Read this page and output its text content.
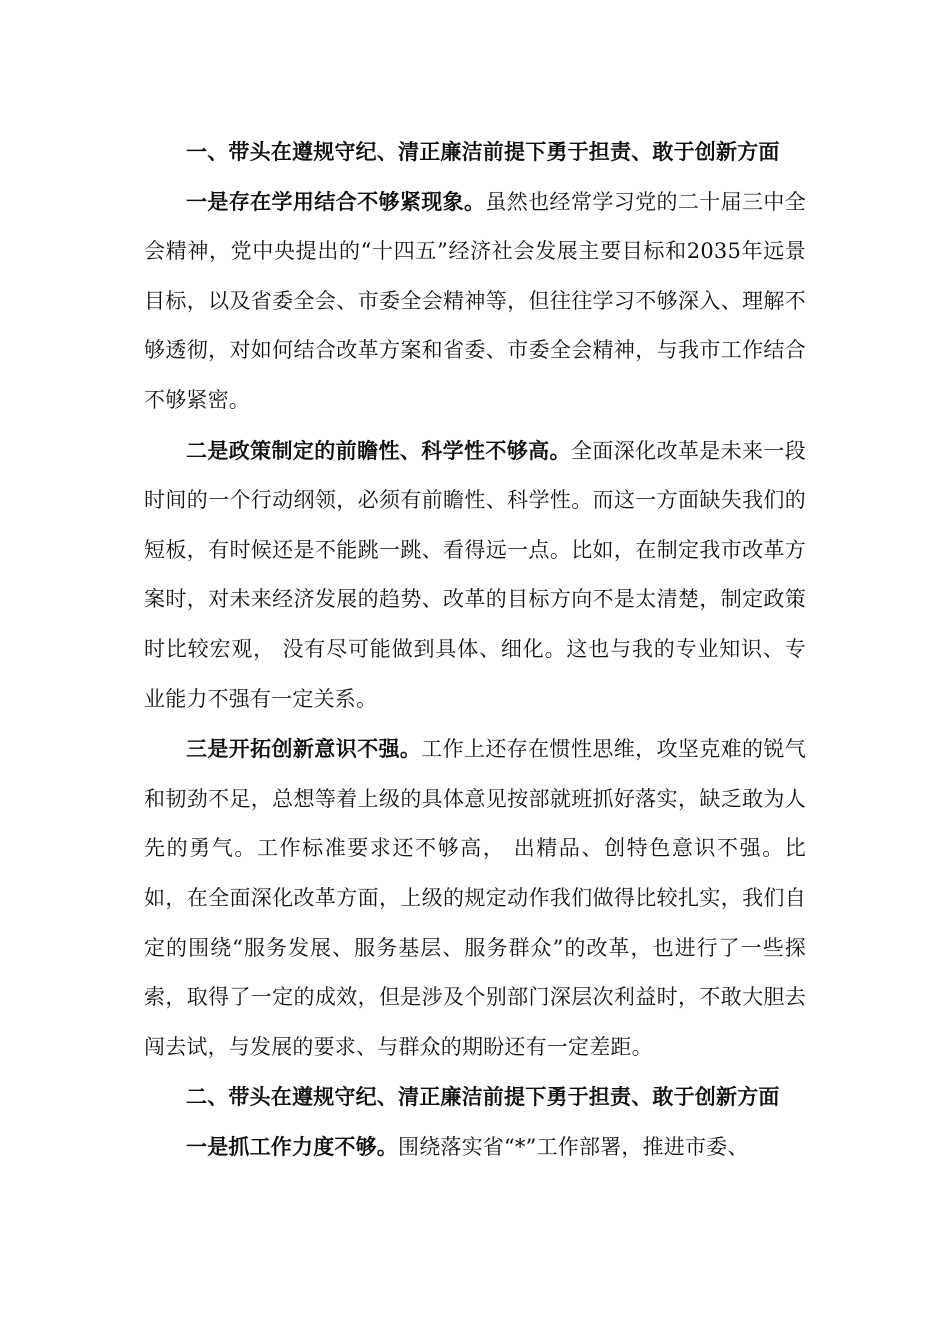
一、带头在遵规守纪、清正廉洁前提下勇于担责、敢于创新方面

一是存在学用结合不够紧现象。虽然也经常学习党的二十届三中全会精神，党中央提出的“十四五”经济社会发展主要目标和2035年远景目标，以及省委全会、市委全会精神等，但往往学习不够深入、理解不够透彻，对如何结合改革方案和省委、市委全会精神，与我市工作结合不够紧密。

二是政策制定的前瞻性、科学性不够高。全面深化改革是未来一段时间的一个行动纲领，必须有前瞻性、科学性。而这一方面缺失我们的短板，有时候还是不能跳一跳、看得远一点。比如，在制定我市改革方案时，对未来经济发展的趋势、改革的目标方向不是太清楚，制定政策时比较宏观， 没有尽可能做到具体、细化。这也与我的专业知识、专业能力不强有一定关系。

三是开拓创新意识不强。工作上还存在惯性思维，攻坚克难的锐气和韧劲不足，总想等着上级的具体意见按部就班抓好落实，缺乏敢为人先的勇气。工作标准要求还不够高， 出精品、创特色意识不强。比如，在全面深化改革方面，上级的规定动作我们做得比较扎实，我们自定的围绕“服务发展、服务基层、服务群众”的改革，也进行了一些探索，取得了一定的成效，但是涉及个别部门深层次利益时，不敢大胆去闯去试，与发展的要求、与群众的期盼还有一定差距。

二、带头在遵规守纪、清正廉洁前提下勇于担责、敢于创新方面

一是抓工作力度不够。围绕落实省“*”工作部署，推进市委、
